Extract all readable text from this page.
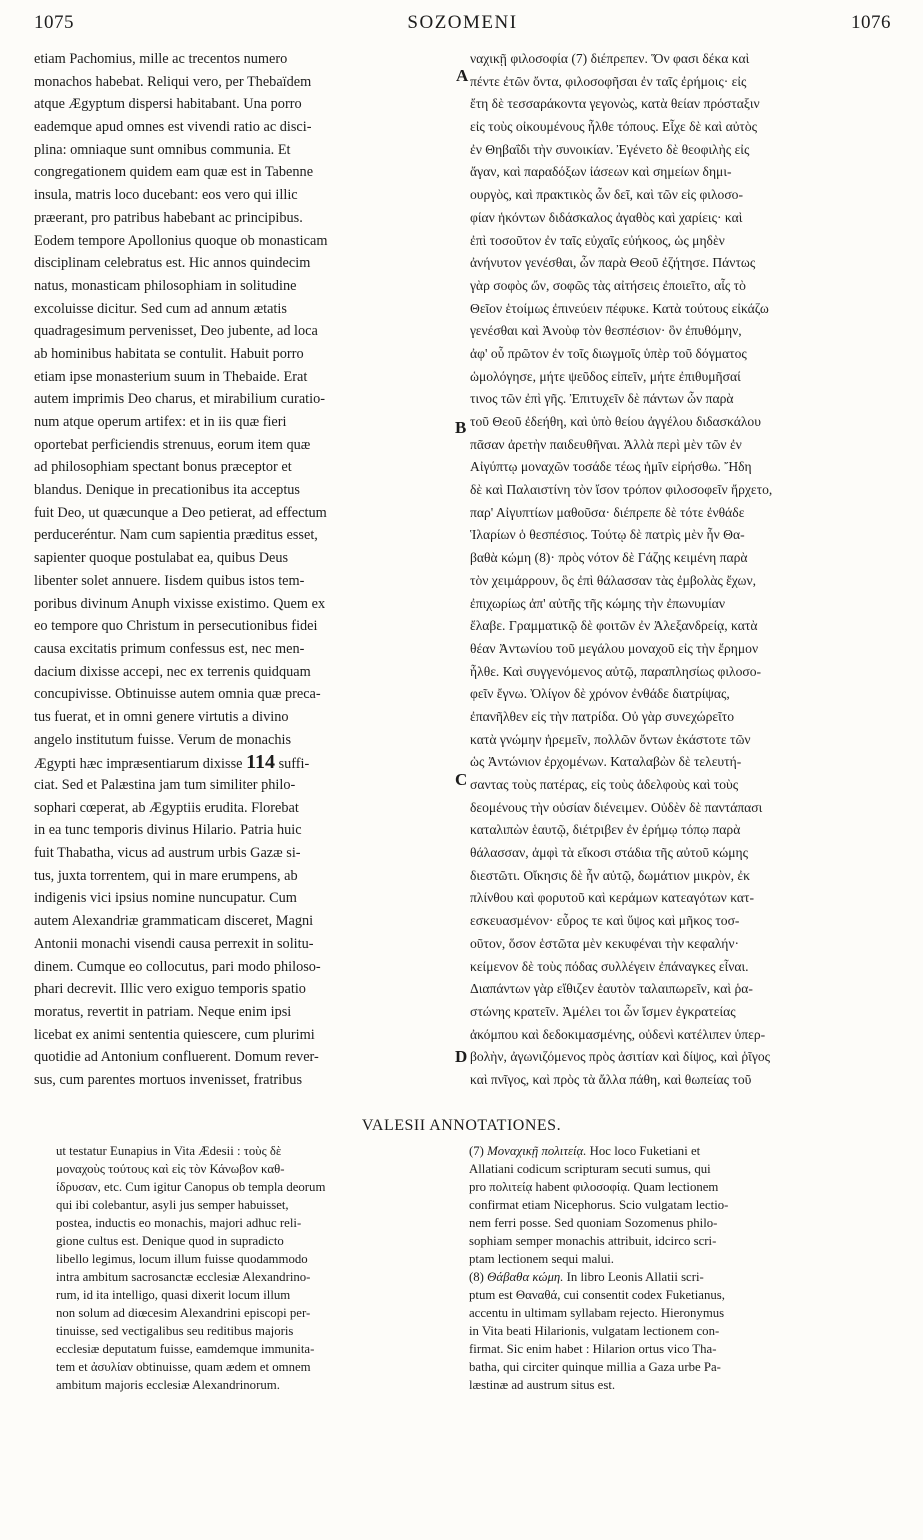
1075	SOZOMENI	1076
etiam Pachomius, mille ac trecentos numero
monachos habebat. Reliqui vero, per Thebaïdem
atque Ægyptum dispersi habitabant. Una porro
eademque apud omnes est vivendi ratio ac disci-
plina: omniaque sunt omnibus communia. Et
congregationem quidem eam quæ est in Tabenne
insula, matris loco ducebant: eos vero qui illic
præerant, pro patribus habebant ac principibus.
Eodem tempore Apollonius quoque ob monasticam
disciplinam celebratus est. Hic annos quindecim
natus, monasticam philosophiam in solitudine
excoluisse dicitur. Sed cum ad annum ætatis
quadragesimum pervenisset, Deo jubente, ad loca
ab hominibus habitata se contulit. Habuit porro
etiam ipse monasterium suum in Thebaide. Erat
autem imprimis Deo charus, et mirabilium curatio-
num atque operum artifex: et in iis quæ fieri
oportebat perficiendis strenuus, eorum item quæ
ad philosophiam spectant bonus præceptor et
blandus. Denique in precationibus ita acceptus
fuit Deo, ut quæcunque a Deo petierat, ad effectum
perduceréntur. Nam cum sapientia præditus esset,
sapienter quoque postulabat ea, quibus Deus
libenter solet annuere. Iisdem quibus istos tem-
poribus divinum Anuph vixisse existimo. Quem ex
eo tempore quo Christum in persecutionibus fidei
causa excitatis primum confessus est, nec men-
dacium dixisse accepi, nec ex terrenis quidquam
concupivisse. Obtinuisse autem omnia quæ preca-
tus fuerat, et in omni genere virtutis a divino
angelo institutum fuisse. Verum de monachis
Ægypti hæc impræsentiarum dixisse 114 suffi-
ciat. Sed et Palæstina jam tum similiter philo-
sophari cœperat, ab Ægyptiis erudita. Florebat
in ea tunc temporis divinus Hilario. Patria huic
fuit Thabatha, vicus ad austrum urbis Gazæ si-
tus, juxta torrentem, qui in mare erumpens, ab
indigenis vici ipsius nomine nuncupatur. Cum
autem Alexandriæ grammaticam disceret, Magni
Antonii monachi visendi causa perrexit in solitu-
dinem. Cumque eo collocutus, pari modo philoso-
phari decrevit. Illic vero exiguo temporis spatio
moratus, revertit in patriam. Neque enim ipsi
licebat ex animi sententia quiescere, cum plurimi
quotidie ad Antonium confluerent. Domum rever-
sus, cum parentes mortuos invenisset, fratribus
ναχικῇ φιλοσοφία (7) διέπρεπεν. Ὅν φασι δέκα καὶ
πέντε ἐτῶν ὄντα, φιλοσοφῆσαι ἐν ταῖς ἐρήμοις· εἰς
ἔτη δὲ τεσσαράκοντα γεγονὼς, κατὰ θείαν πρόσταξιν
εἰς τοὺς οἰκουμένους ἦλθε τόπους. Εἶχε δὲ καὶ αὐτὸς
ἐν Θηβαΐδι τὴν συνοικίαν. Ἐγένετο δὲ θεοφιλὴς εἰς
ἄγαν, καὶ παραδόξων ἰάσεων καὶ σημείων δημι-
ουργὸς, καὶ πρακτικὸς ὧν δεῖ, καὶ τῶν εἰς φιλοσο-
φίαν ἡκόντων διδάσκαλος ἀγαθὸς καὶ χαρίεις· καὶ
ἐπὶ τοσοῦτον ἐν ταῖς εὐχαῖς εὐήκοος, ὡς μηδὲν
ἀνήνυτον γενέσθαι, ὧν παρὰ Θεοῦ ἐζήτησε. Πάντως
γὰρ σοφὸς ὤν, σοφῶς τὰς αἰτήσεις ἐποιεῖτο, αἷς τὸ
Θεῖον ἑτοίμως ἐπινεύειν πέφυκε. Κατὰ τούτους εἰκάζω
γενέσθαι καὶ Ἀνοὺφ τὸν θεσπέσιον· ὃν ἐπυθόμην,
ἀφ' οὗ πρῶτον ἐν τοῖς διωγμοῖς ὑπὲρ τοῦ δόγματος
ὡμολόγησε, μήτε ψεῦδος εἰπεῖν, μήτε ἐπιθυμῆσαί
τινος τῶν ἐπὶ γῆς. Ἐπιτυχεῖν δὲ πάντων ὧν παρὰ
τοῦ Θεοῦ ἐδεήθη, καὶ ὑπὸ θείου ἀγγέλου διδασκάλου
πᾶσαν ἀρετὴν παιδευθῆναι. Ἀλλὰ περὶ μὲν τῶν ἐν
Αἰγύπτῳ μοναχῶν τοσάδε τέως ἡμῖν εἰρήσθω. Ἤδη
δὲ καὶ Παλαιστίνη τὸν ἴσον τρόπον φιλοσοφεῖν ἤρχετο,
παρ' Αἰγυπτίων μαθοῦσα· διέπρεπε δὲ τότε ἐνθάδε
Ἱλαρίων ὁ θεσπέσιος. Τούτῳ δὲ πατρὶς μὲν ἦν Θα-
βαθὰ κώμη (8)· πρὸς νότον δὲ Γάζης κειμένη παρὰ
τὸν χειμάρρουν, ὃς ἐπὶ θάλασσαν τὰς ἐμβολὰς ἔχων,
ἐπιχωρίως ἀπ' αὐτῆς τῆς κώμης τὴν ἐπωνυμίαν
ἔλαβε. Γραμματικῷ δὲ φοιτῶν ἐν Ἀλεξανδρείᾳ, κατὰ
θέαν Ἀντωνίου τοῦ μεγάλου μοναχοῦ εἰς τὴν ἔρημον
ἦλθε. Καὶ συγγενόμενος αὐτῷ, παραπλησίως φιλοσο-
φεῖν ἔγνω. Ὀλίγον δὲ χρόνον ἐνθάδε διατρίψας,
ἐπανῆλθεν εἰς τὴν πατρίδα. Οὐ γὰρ συνεχώρεῖτο
κατὰ γνώμην ἠρεμεῖν, πολλῶν ὄντων ἑκάστοτε τῶν
ὡς Ἀντώνιον ἐρχομένων. Καταλαβὼν δὲ τελευτή-
σαντας τοὺς πατέρας, εἰς τοὺς ἀδελφοὺς καὶ τοὺς
δεομένους τὴν οὐσίαν διένειμεν. Οὐδὲν δὲ παντάπασι
καταλιπὼν ἑαυτῷ, διέτριβεν ἐν ἐρήμῳ τόπῳ παρὰ
θάλασσαν, ἀμφὶ τὰ εἴκοσι στάδια τῆς αὐτοῦ κώμης
διεστῶτι. Οἴκησις δὲ ἦν αὐτῷ, δωμάτιον μικρὸν, ἐκ
πλίνθου καὶ φορυτοῦ καὶ κεράμων κατεαγότων κατ-
εσκευασμένον· εὖρος τε καὶ ὕψος καὶ μῆκος τοσ-
οῦτον, ὅσον ἑστῶτα μὲν κεκυφέναι τὴν κεφαλήν·
κείμενον δὲ τοὺς πόδας συλλέγειν ἐπάναγκες εἶναι.
Διαπάντων γὰρ εἴθιζεν ἑαυτὸν ταλαιπωρεῖν, καὶ ῥα-
στώνης κρατεῖν. Ἀμέλει τοι ὧν ἴσμεν ἐγκρατείας
ἀκόμπου καὶ δεδοκιμασμένης, οὐδενὶ κατέλιπεν ὑπερ-
βολὴν, ἀγωνιζόμενος πρὸς ἀσιτίαν καὶ δίψος, καὶ ῥῖγος
καὶ πνῖγος, καὶ πρὸς τὰ ἄλλα πάθη, καὶ θωπείας τοῦ
A
B
C
D
VALESII ANNOTATIONES.
ut testatur Eunapius in Vita Ædesii : τοὺς δὲ
μοναχοὺς τούτους καὶ εἰς τὸν Κάνωβον καθ-
ίδρυσαν, etc. Cum igitur Canopus ob templa deorum
qui ibi colebantur, asyli jus semper habuisset,
postea, inductis eo monachis, majori adhuc reli-
gione cultus est. Denique quod in supradicto
libello legimus, locum illum fuisse quodammodo
intra ambitum sacrosanctæ ecclesiæ Alexandrino-
rum, id ita intelligo, quasi dixerit locum illum
non solum ad diœcesim Alexandrini episcopi per-
tinuisse, sed vectigalibus seu reditibus majoris
ecclesiæ deputatum fuisse, eamdemque immunita-
tem et ἀσυλίαν obtinuisse, quam ædem et omnem
ambitum majoris ecclesiæ Alexandrinorum.
(7) Μοναχικῇ πολιτείᾳ. Hoc loco Fuketiani et
Allatiani codicum scripturam secuti sumus, qui
pro πολιτείᾳ habent φιλοσοφίᾳ. Quam lectionem
confirmat etiam Nicephorus. Scio vulgatam lectio-
nem ferri posse. Sed quoniam Sozomenus philo-
sophiam semper monachis attribuit, idcirco scri-
ptam lectionem sequi malui.
(8) Θάβαθα κώμη. In libro Leonis Allatii scri-
ptum est Θαναθά, cui consentit codex Fuketianus,
accentu in ultimam syllabam rejecto. Hieronymus
in Vita beati Hilarionis, vulgatam lectionem con-
firmat. Sic enim habet : Hilarion ortus vico Tha-
batha, qui circiter quinque millia a Gaza urbe Pa-
læstinæ ad austrum situs est.
